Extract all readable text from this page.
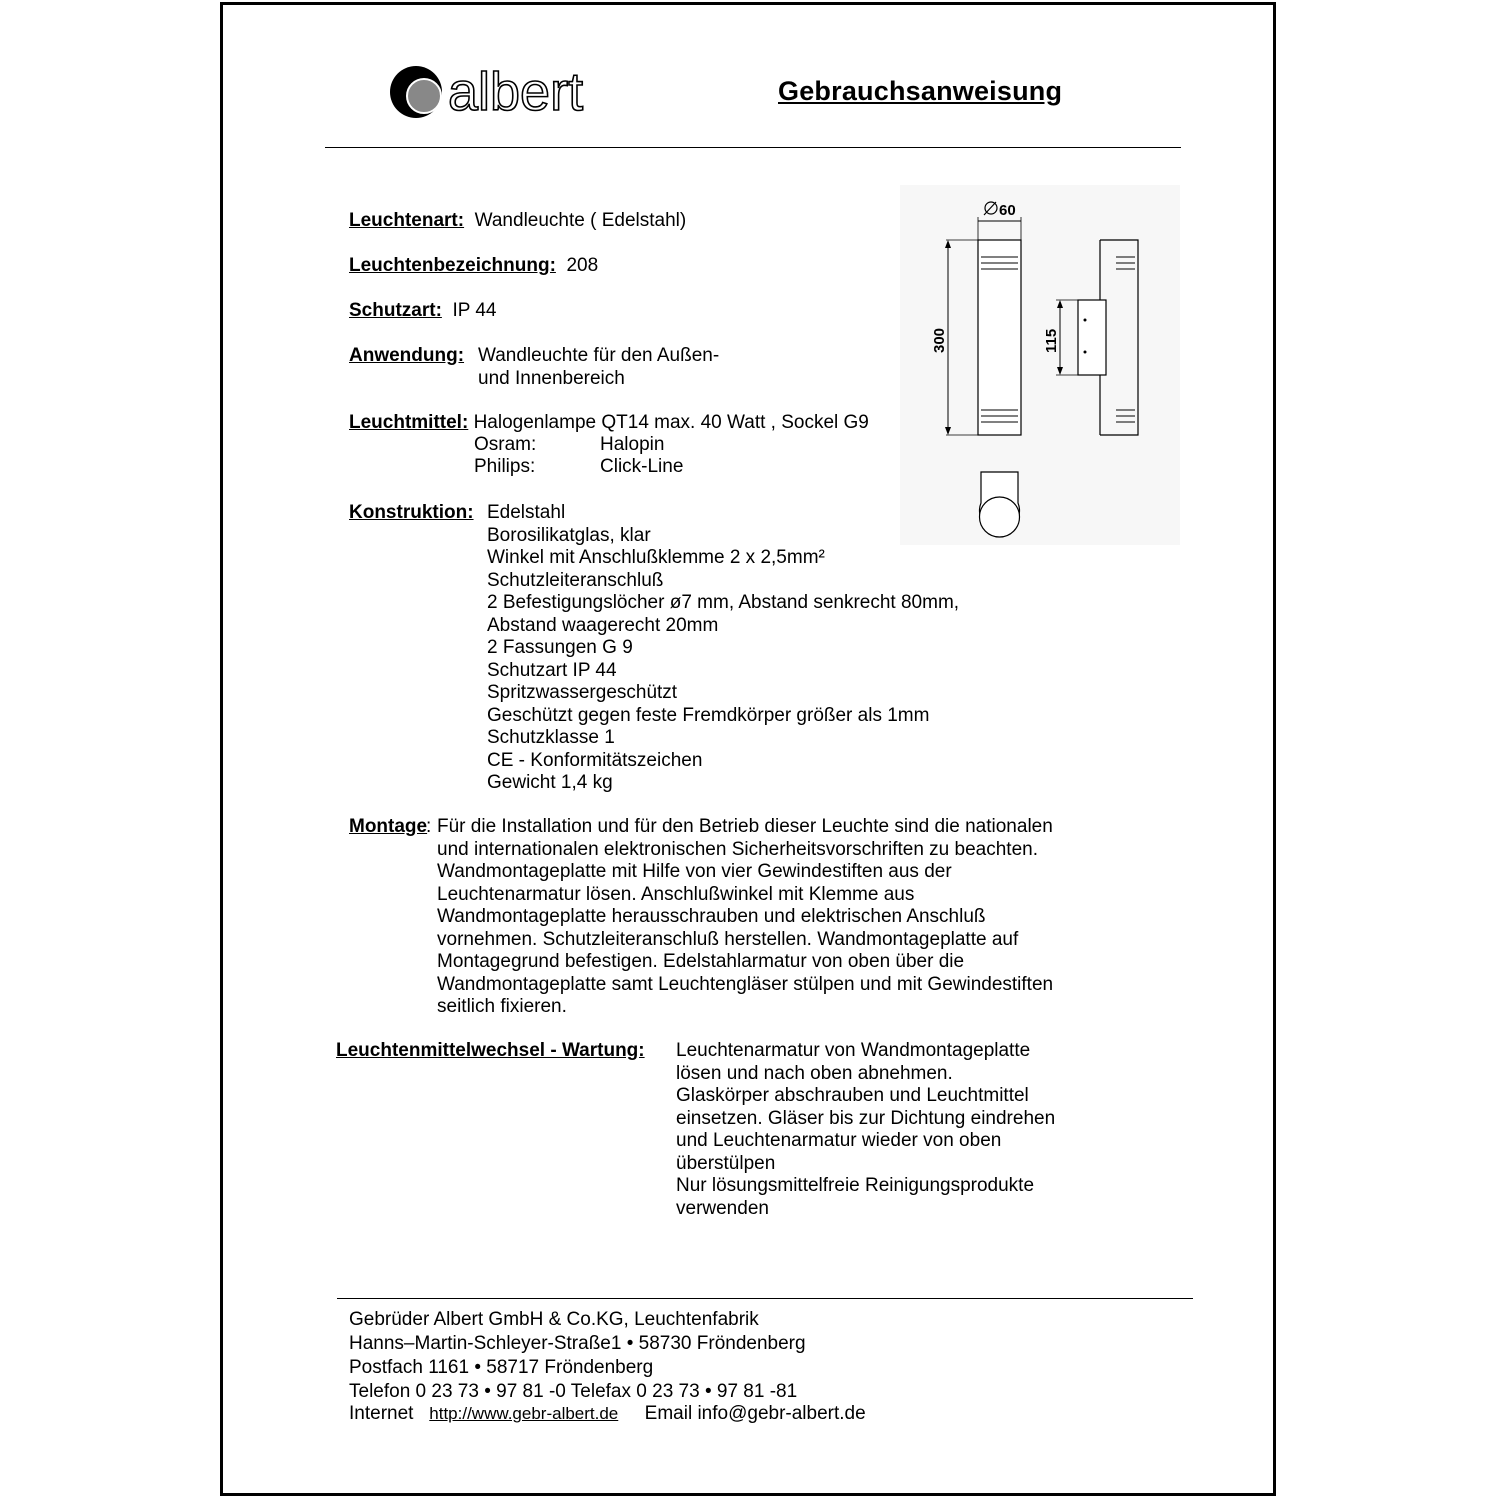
albert	Gebrauchsanweisung
Leuchtenart: Wandleuchte ( Edelstahl)
Leuchtenbezeichnung: 208
Schutzart: IP 44
Anwendung: Wandleuchte für den Außen-
und Innenbereich
Leuchtmittel: Halogenlampe QT14 max. 40 Watt , Sockel G9
Osram:	Halopin
Philips:	Click-Line
Konstruktion: Edelstahl
Borosilikatglas, klar
Winkel mit Anschlußklemme 2 x 2,5mm²
Schutzleiteranschluß
2 Befestigungslöcher ø7 mm, Abstand senkrecht 80mm,
Abstand waagerecht 20mm
2 Fassungen G 9
Schutzart IP 44
Spritzwassergeschützt
Geschützt gegen feste Fremdkörper größer als 1mm
Schutzklasse 1
CE - Konformitätszeichen
Gewicht 1,4 kg
Montage
: Für die Installation und für den Betrieb dieser Leuchte sind die nationalen
und internationalen elektronischen Sicherheitsvorschriften zu beachten.
Wandmontageplatte mit Hilfe von vier Gewindestiften aus der
Leuchtenarmatur lösen. Anschlußwinkel mit Klemme aus
Wandmontageplatte herausschrauben und elektrischen Anschluß
vornehmen. Schutzleiteranschluß herstellen. Wandmontageplatte auf
Montagegrund befestigen. Edelstahlarmatur von oben über die
Wandmontageplatte samt Leuchtengläser stülpen und mit Gewindestiften
seitlich fixieren.
Leuchtenmittelwechsel - Wartung: Leuchtenarmatur von Wandmontageplatte
lösen und nach oben abnehmen.
Glaskörper abschrauben und Leuchtmittel
einsetzen. Gläser bis zur Dichtung eindrehen
und Leuchtenarmatur wieder von oben
überstülpen
Nur lösungsmittelfreie Reinigungsprodukte
verwenden
60
300	115
Gebrüder Albert GmbH & Co.KG, Leuchtenfabrik
Hanns–Martin-Schleyer-Straße1 • 58730 Fröndenberg
Postfach 1161 • 58717 Fröndenberg
Telefon 0 23 73 • 97 81 -0 Telefax 0 23 73 • 97 81 -81
Internet http://www.gebr-albert.de Email info@gebr-albert.de
